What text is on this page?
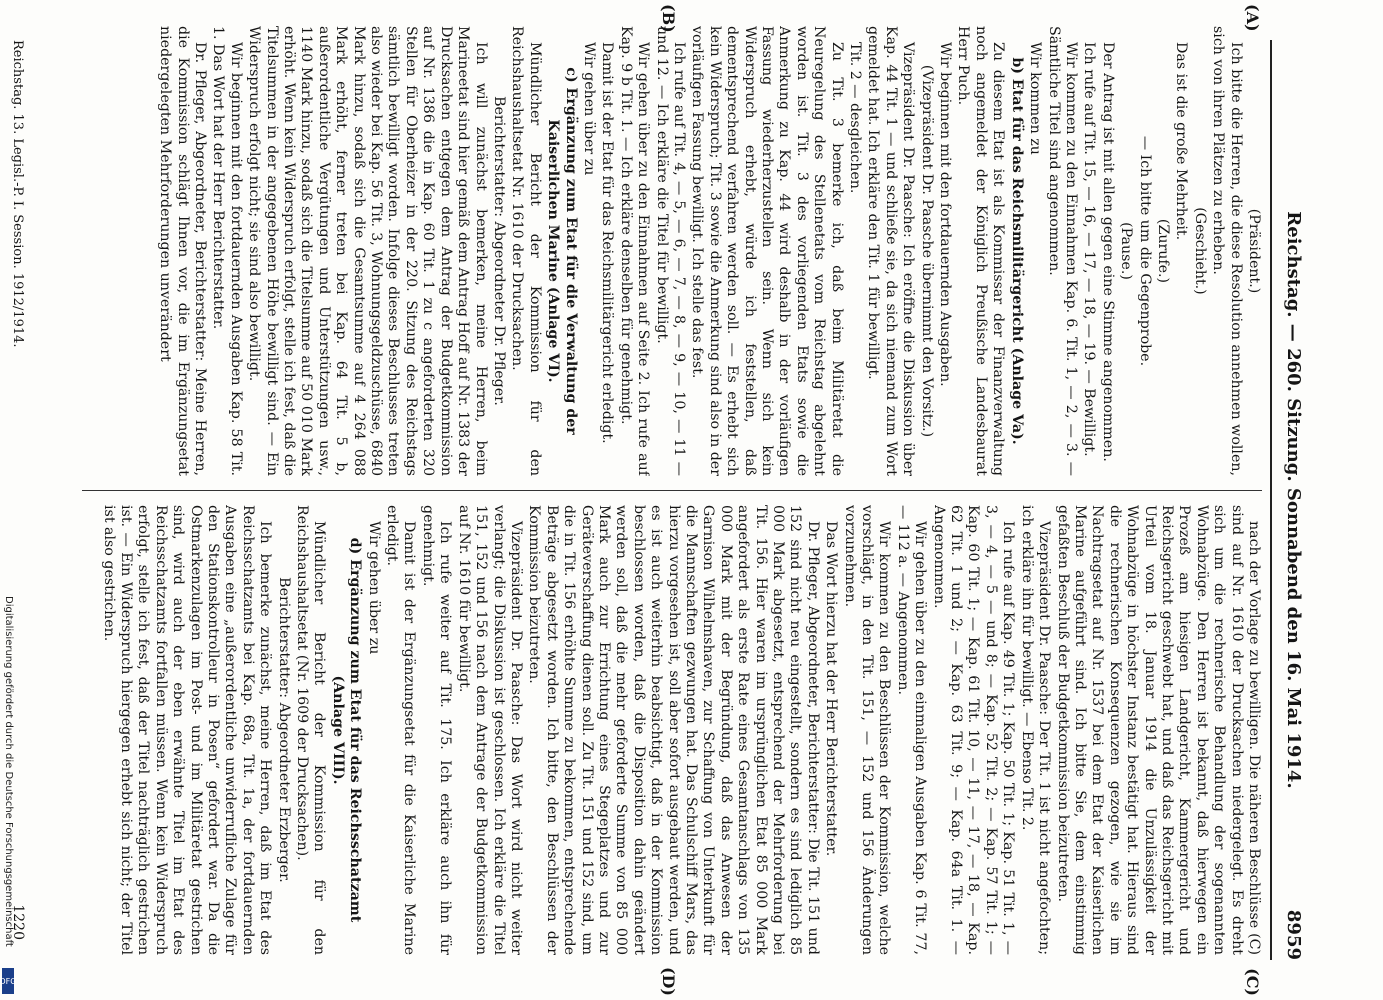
Reichstag. — 260. Sitzung. Sonnabend den 16. Mai 1914.
8959
(A)
(B)
(C)
(D)

(Präsident.)

Ich bitte die Herren, die diese Resolution annehmen wollen, sich von ihren Plätzen zu erheben.

(Geschieht.)

Das ist die große Mehrheit.

(Zurufe.)

— Ich bitte um die Gegenprobe.

(Pause.)

Der Antrag ist mit allen gegen eine Stimme angenommen.

Ich rufe auf Tit. 15, — 16, — 17, — 18, — 19. — Bewilligt.

Wir kommen zu den Einnahmen Kap. 6. Tit. 1, — 2, — 3. — Sämtliche Titel sind angenommen.

Wir kommen zu

b) Etat für das Reichsmilitärgericht (Anlage Va).

Zu diesem Etat ist als Kommissar der Finanzverwaltung noch angemeldet der Königlich Preußische Landesbaurat Herr Puch.

Wir beginnen mit den fortdauernden Ausgaben.

(Vizepräsident Dr. Paasche übernimmt den Vorsitz.)

Vizepräsident Dr. Paasche: Ich eröffne die Diskussion über Kap. 44 Tit. 1 — und schließe sie, da sich niemand zum Wort gemeldet hat. Ich erkläre den Tit. 1 für bewilligt.

Tit. 2 — desgleichen.

Zu Tit. 3 bemerke ich, daß beim Militäretat die Neuregelung des Stellenetats vom Reichstag abgelehnt worden ist. Tit. 3 des vorliegenden Etats sowie die Anmerkung zu Kap. 44 wird deshalb in der vorläufigen Fassung wiederherzustellen sein. Wenn sich kein Widerspruch erhebt, würde ich feststellen, daß dementsprechend verfahren werden soll. — Es erhebt sich kein Widerspruch; Tit. 3 sowie die Anmerkung sind also in der vorläufigen Fassung bewilligt. Ich stelle das fest.

Ich rufe auf Tit. 4, — 5, — 6, — 7, — 8, — 9, — 10, — 11 — und 12. — Ich erkläre die Titel für bewilligt.

Wir gehen über zu den Einnahmen auf Seite 2. Ich rufe auf Kap. 9 b Tit. 1. — Ich erkläre denselben für genehmigt.

Damit ist der Etat für das Reichsmilitärgericht erledigt.

Wir gehen über zu

c) Ergänzung zum Etat für die Verwaltung der Kaiserlichen Marine (Anlage VI).

Mündlicher Bericht der Kommission für den Reichshaushaltsetat Nr. 1610 der Drucksachen.

Berichterstatter: Abgeordneter Dr. Pfleger.

Ich will zunächst bemerken, meine Herren, beim Marineetat sind hier gemäß dem Antrag Hoff auf Nr. 1383 der Drucksachen entgegen dem Antrag der Budgetkommission auf Nr. 1386 die in Kap. 60 Tit. 1 zu c angeforderten 320 Stellen für Oberheizer in der 220. Sitzung des Reichstags sämtlich bewilligt worden. Infolge dieses Beschlusses treten also wieder bei Kap. 56 Tit. 3, Wohnungsgeldzuschüsse, 6840 Mark hinzu, sodaß sich die Gesamtsumme auf 4 264 088 Mark erhöht, ferner treten bei Kap. 64 Tit. 5 b, außerordentliche Vergütungen und Unterstützungen usw., 1140 Mark hinzu, sodaß sich die Titelsumme auf 50 010 Mark erhöht. Wenn kein Widerspruch erfolgt, stelle ich fest, daß die Titelsummen in der angegebenen Höhe bewilligt sind. — Ein Widerspruch erfolgt nicht; sie sind also bewilligt.

Wir beginnen mit den fortdauernden Ausgaben Kap. 58 Tit. 1. Das Wort hat der Herr Berichterstatter.

Dr. Pfleger, Abgeordneter, Berichterstatter: Meine Herren, die Kommission schlägt Ihnen vor, die im Ergänzungsetat niedergelegten Mehrforderungen unverändert

nach der Vorlage zu bewilligen. Die näheren Beschlüsse (C) sind auf Nr. 1610 der Drucksachen niedergelegt. Es dreht sich um die rechnerische Behandlung der sogenannten Wohnabzüge. Den Herren ist bekannt, daß hierwegen ein Prozeß am hiesigen Landgericht, Kammergericht und Reichsgericht geschwebt hat, und daß das Reichsgericht mit Urteil vom 18. Januar 1914 die Unzulässigkeit der Wohnabzüge in höchster Instanz bestätigt hat. Hieraus sind die rechnerischen Konsequenzen gezogen, wie sie im Nachtragsetat auf Nr. 1537 bei dem Etat der Kaiserlichen Marine aufgeführt sind. Ich bitte Sie, dem einstimmig gefaßten Beschluß der Budgetkommission beizutreten.

Vizepräsident Dr. Paasche: Der Tit. 1 ist nicht angefochten; ich erkläre ihn für bewilligt. — Ebenso Tit. 2.

Ich rufe auf Kap. 49 Tit. 1; Kap. 50 Tit. 1; Kap. 51 Tit. 1, — 3, — 4, — 5 — und 8; — Kap. 52 Tit. 2; — Kap. 57 Tit. 1; — Kap. 60 Tit. 1; — Kap. 61 Tit. 10, — 11, — 17, — 18, — Kap. 62 Tit. 1 und 2; — Kap. 63 Tit. 9; — Kap. 64a Tit. 1. — Angenommen.

Wir gehen über zu den einmaligen Ausgaben Kap. 6 Tit. 77, — 112 a. — Angenommen.

Wir kommen zu den Beschlüssen der Kommission, welche vorschlägt, in den Tit. 151, — 152 und 156 Änderungen vorzunehmen.

Das Wort hierzu hat der Herr Berichterstatter.

Dr. Pfleger, Abgeordneter, Berichterstatter: Die Tit. 151 und 152 sind nicht neu eingestellt, sondern es sind lediglich 85 000 Mark abgesetzt, entsprechend der Mehrforderung bei Tit. 156. Hier waren im ursprünglichen Etat 85 000 Mark angefordert als erste Rate eines Gesamtanschlags von 135 000 Mark mit der Begründung, daß das Anwesen der Garnison Wilhelmshaven, zur Schaffung von Unterkunft für die Mannschaften gezwungen hat. Das Schulschiff Mars, das hierzu vorgesehen ist, soll aber sofort ausgebaut werden, und es ist auch weiterhin beabsichtigt, daß in der Kommission beschlossen worden, daß die Disposition dahin geändert werden soll, daß die mehr geforderte Summe von 85 000 Mark auch zur Errichtung eines Stegeplatzes und zur Geräteverschaffung dienen soll. Zu Tit. 151 und 152 sind, um die in Tit. 156 erhöhte Summe zu bekommen, entsprechende Beträge abgesetzt worden. Ich bitte, den Beschlüssen der Kommission beizutreten.

Vizepräsident Dr. Paasche: Das Wort wird nicht weiter verlangt; die Diskussion ist geschlossen. Ich erkläre die Titel 151, 152 und 156 nach dem Antrage der Budgetkommission auf Nr. 1610 für bewilligt.

Ich rufe weiter auf Tit. 175. Ich erkläre auch ihn für genehmigt.

Damit ist der Ergänzungsetat für die Kaiserliche Marine erledigt.

Wir gehen über zu

d) Ergänzung zum Etat für das Reichsschatzamt (Anlage VIII).

Mündlicher Bericht der Kommission für den Reichshaushaltsetat (Nr. 1609 der Drucksachen).

Berichterstatter: Abgeordneter Erzberger.

Ich bemerke zunächst, meine Herren, daß im Etat des Reichsschatzamts bei Kap. 68a, Tit. 1a, der fortdauernden Ausgaben eine „außerordentliche unwiderrufliche Zulage für den Stationskontrolleur in Posen“ gefordert war. Da die Ostmarkenzulagen im Post- und im Militäretat gestrichen sind, wird auch der eben erwähnte Titel im Etat des Reichsschatzamts fortfallen müssen. Wenn kein Widerspruch erfolgt, stelle ich fest, daß der Titel nachträglich gestrichen ist. — Ein Widerspruch hiergegen erhebt sich nicht; der Titel ist also gestrichen.

Reichstag. 13. Legisl.-P. I. Session. 1912/1914.
1220
Digitalisierung gefördert durch die Deutsche Forschungsgemeinschaft
DFG
